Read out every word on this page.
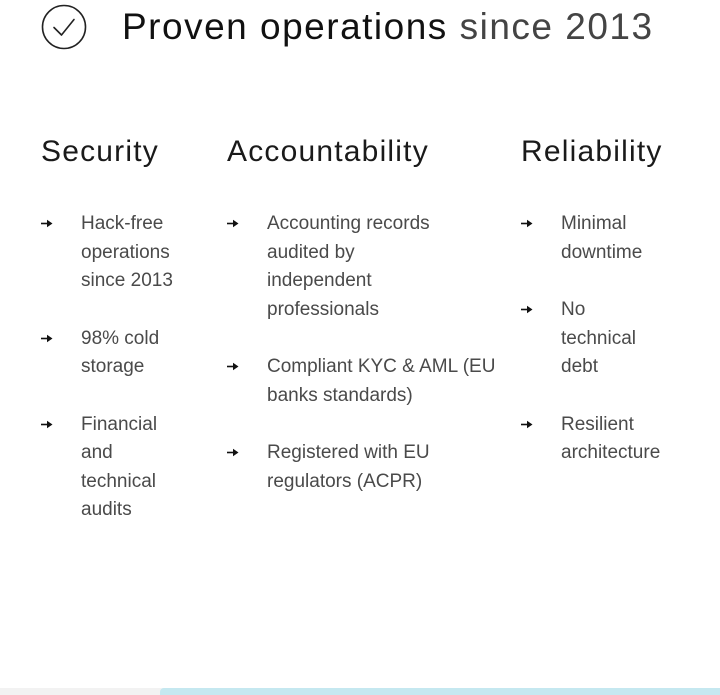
Proven operations since 2013
Security
Hack-free operations since 2013
98% cold storage
Financial and technical audits
Accountability
Accounting records audited by independent professionals
Compliant KYC & AML (EU banks standards)
Registered with EU regulators (ACPR)
Reliability
Minimal downtime
No technical debt
Resilient architecture
